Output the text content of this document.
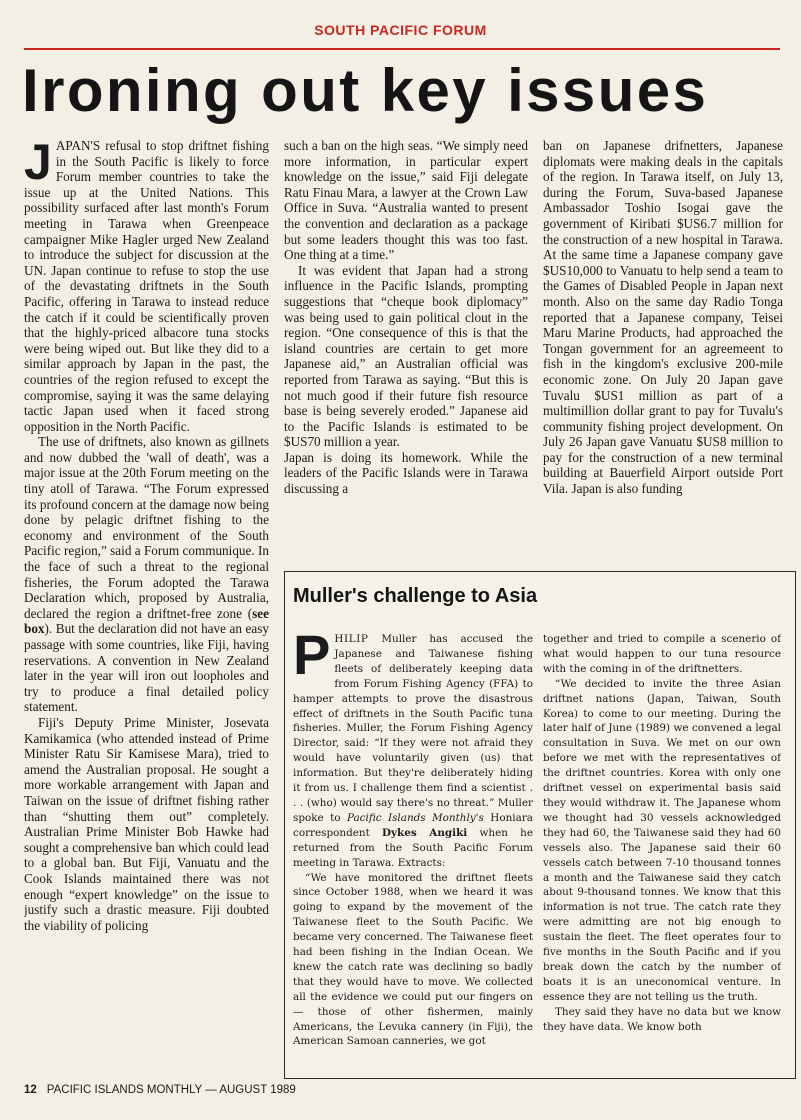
SOUTH PACIFIC FORUM
Ironing out key issues

JAPAN'S refusal to stop driftnet fishing in the South Pacific is likely to force Forum member countries to take the issue up at the United Nations. This possibility surfaced after last month's Forum meeting in Tarawa when Greenpeace campaigner Mike Hagler urged New Zealand to introduce the subject for discussion at the UN. Japan continue to refuse to stop the use of the devastating driftnets in the South Pacific, offering in Tarawa to instead reduce the catch if it could be scientifically proven that the highly-priced albacore tuna stocks were being wiped out. But like they did to a similar approach by Japan in the past, the countries of the region refused to except the compromise, saying it was the same delaying tactic Japan used when it faced strong opposition in the North Pacific.

The use of driftnets, also known as gillnets and now dubbed the 'wall of death', was a major issue at the 20th Forum meeting on the tiny atoll of Tarawa. “The Forum expressed its profound concern at the damage now being done by pelagic driftnet fishing to the economy and environment of the South Pacific region,” said a Forum communique. In the face of such a threat to the regional fisheries, the Forum adopted the Tarawa Declaration which, proposed by Australia, declared the region a driftnet-free zone (see box). But the declaration did not have an easy passage with some countries, like Fiji, having reservations. A convention in New Zealand later in the year will iron out loopholes and try to produce a final detailed policy statement.

Fiji's Deputy Prime Minister, Josevata Kamikamica (who attended instead of Prime Minister Ratu Sir Kamisese Mara), tried to amend the Australian proposal. He sought a more workable arrangement with Japan and Taiwan on the issue of driftnet fishing rather than “shutting them out” completely. Australian Prime Minister Bob Hawke had sought a comprehensive ban which could lead to a global ban. But Fiji, Vanuatu and the Cook Islands maintained there was not enough “expert knowledge” on the issue to justify such a drastic measure. Fiji doubted the viability of policing

such a ban on the high seas. “We simply need more information, in particular expert knowledge on the issue,” said Fiji delegate Ratu Finau Mara, a lawyer at the Crown Law Office in Suva. “Australia wanted to present the convention and declaration as a package but some leaders thought this was too fast. One thing at a time.”

It was evident that Japan had a strong influence in the Pacific Islands, prompting suggestions that “cheque book diplomacy” was being used to gain political clout in the region. “One consequence of this is that the island countries are certain to get more Japanese aid,” an Australian official was reported from Tarawa as saying. “But this is not much good if their future fish resource base is being severely eroded.” Japanese aid to the Pacific Islands is estimated to be $US70 million a year.

Japan is doing its homework. While the leaders of the Pacific Islands were in Tarawa discussing a

ban on Japanese drifnetters, Japanese diplomats were making deals in the capitals of the region. In Tarawa itself, on July 13, during the Forum, Suva-based Japanese Ambassador Toshio Isogai gave the government of Kiribati $US6.7 million for the construction of a new hospital in Tarawa. At the same time a Japanese company gave $US10,000 to Vanuatu to help send a team to the Games of Disabled People in Japan next month. Also on the same day Radio Tonga reported that a Japanese company, Teisei Maru Marine Products, had approached the Tongan government for an agreemeent to fish in the kingdom's exclusive 200-mile economic zone. On July 20 Japan gave Tuvalu $US1 million as part of a multimillion dollar grant to pay for Tuvalu's community fishing project development. On July 26 Japan gave Vanuatu $US8 million to pay for the construction of a new terminal building at Bauerfield Airport outside Port Vila. Japan is also funding

Muller's challenge to Asia

PHILIP Muller has accused the Japanese and Taiwanese fishing fleets of deliberately keeping data from Forum Fishing Agency (FFA) to hamper attempts to prove the disastrous effect of driftnets in the South Pacific tuna fisheries. Muller, the Forum Fishing Agency Director, said: “If they were not afraid they would have voluntarily given (us) that information. But they're deliberately hiding it from us. I challenge them find a scientist . . . (who) would say there's no threat.” Muller spoke to Pacific Islands Monthly's Honiara correspondent Dykes Angiki when he returned from the South Pacific Forum meeting in Tarawa. Extracts:

“We have monitored the driftnet fleets since October 1988, when we heard it was going to expand by the movement of the Taiwanese fleet to the South Pacific. We became very concerned. The Taiwanese fleet had been fishing in the Indian Ocean. We knew the catch rate was declining so badly that they would have to move. We collected all the evidence we could put our fingers on — those of other fishermen, mainly Americans, the Levuka cannery (in Fiji), the American Samoan canneries, we got

together and tried to compile a scenerio of what would happen to our tuna resource with the coming in of the driftnetters.

“We decided to invite the three Asian driftnet nations (Japan, Taiwan, South Korea) to come to our meeting. During the later half of June (1989) we convened a legal consultation in Suva. We met on our own before we met with the representatives of the driftnet countries. Korea with only one driftnet vessel on experimental basis said they would withdraw it. The Japanese whom we thought had 30 vessels acknowledged they had 60, the Taiwanese said they had 60 vessels also. The Japanese said their 60 vessels catch between 7-10 thousand tonnes a month and the Taiwanese said they catch about 9-thousand tonnes. We know that this information is not true. The catch rate they were admitting are not big enough to sustain the fleet. The fleet operates four to five months in the South Pacific and if you break down the catch by the number of boats it is an uneconomical venture. In essence they are not telling us the truth.

They said they have no data but we know they have data. We know both

12 PACIFIC ISLANDS MONTHLY — AUGUST 1989
